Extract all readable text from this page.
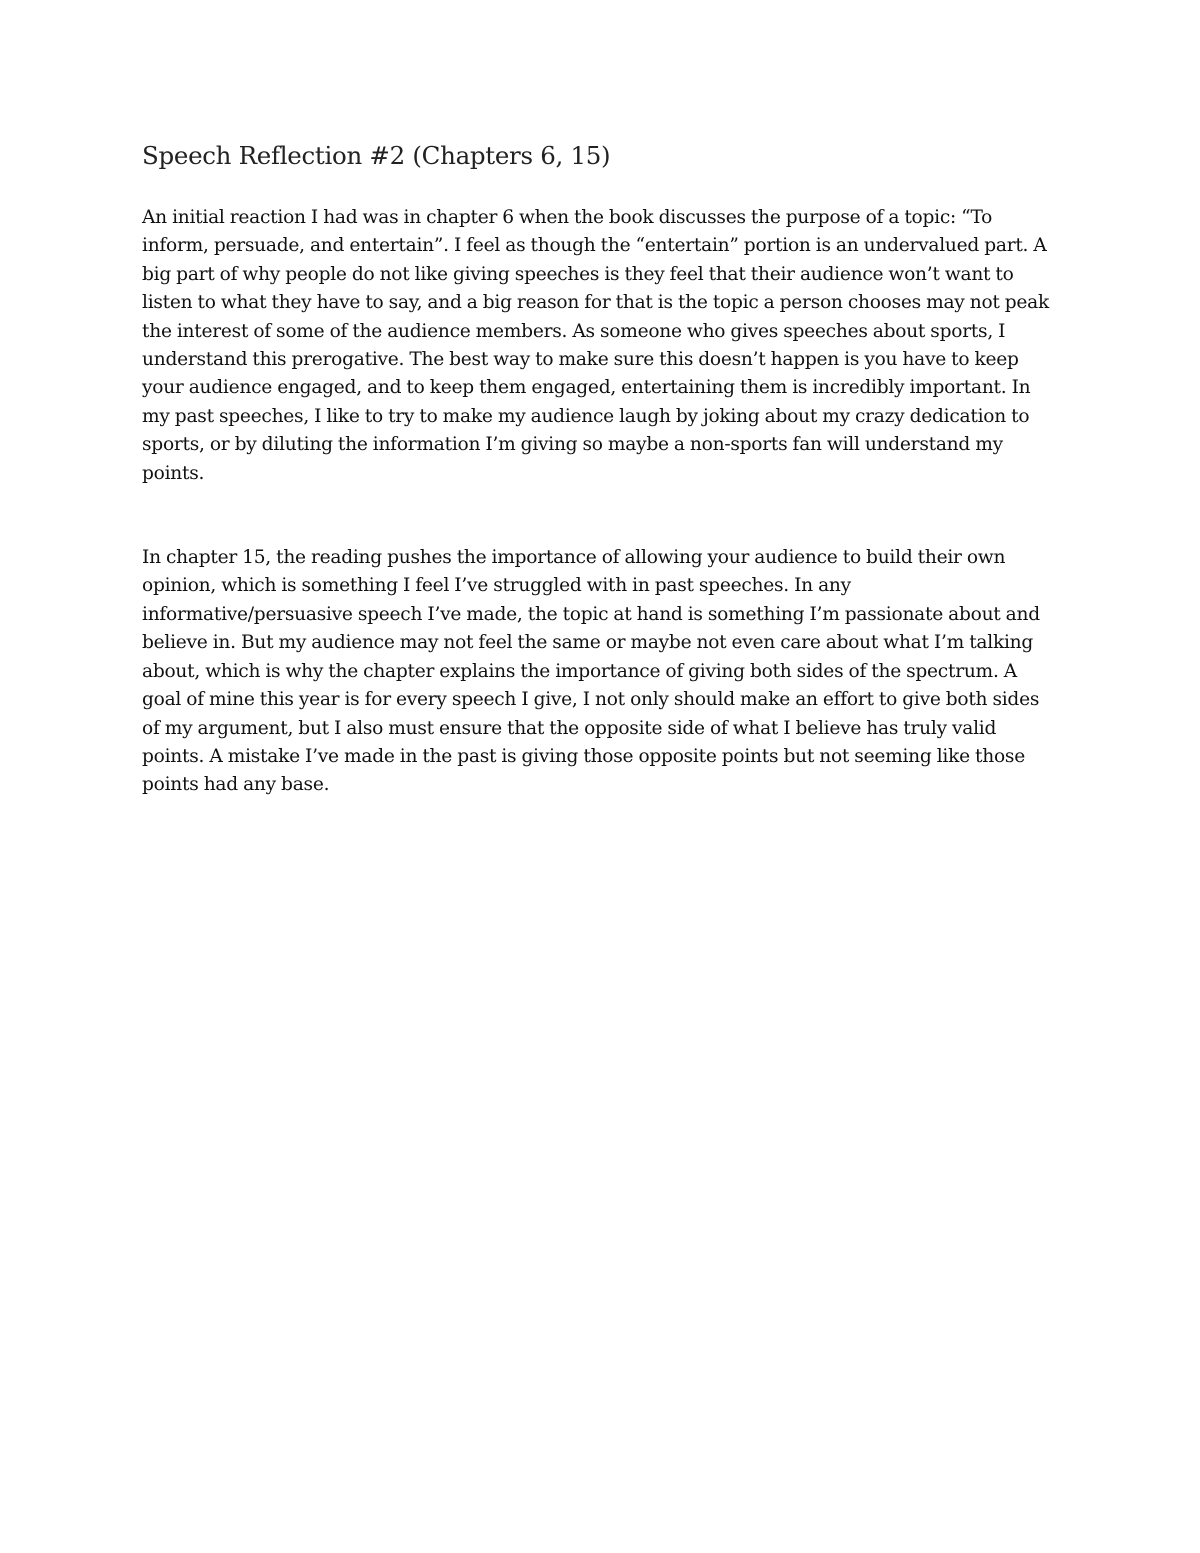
Speech Reflection #2 (Chapters 6, 15)

An initial reaction I had was in chapter 6 when the book discusses the purpose of a topic: “To inform, persuade, and entertain”. I feel as though the “entertain” portion is an undervalued part. A big part of why people do not like giving speeches is they feel that their audience won’t want to listen to what they have to say, and a big reason for that is the topic a person chooses may not peak the interest of some of the audience members. As someone who gives speeches about sports, I understand this prerogative. The best way to make sure this doesn’t happen is you have to keep your audience engaged, and to keep them engaged, entertaining them is incredibly important. In my past speeches, I like to try to make my audience laugh by joking about my crazy dedication to sports, or by diluting the information I’m giving so maybe a non-sports fan will understand my points.

In chapter 15, the reading pushes the importance of allowing your audience to build their own opinion, which is something I feel I’ve struggled with in past speeches. In any informative/persuasive speech I’ve made, the topic at hand is something I’m passionate about and believe in. But my audience may not feel the same or maybe not even care about what I’m talking about, which is why the chapter explains the importance of giving both sides of the spectrum. A goal of mine this year is for every speech I give, I not only should make an effort to give both sides of my argument, but I also must ensure that the opposite side of what I believe has truly valid points. A mistake I’ve made in the past is giving those opposite points but not seeming like those points had any base.
